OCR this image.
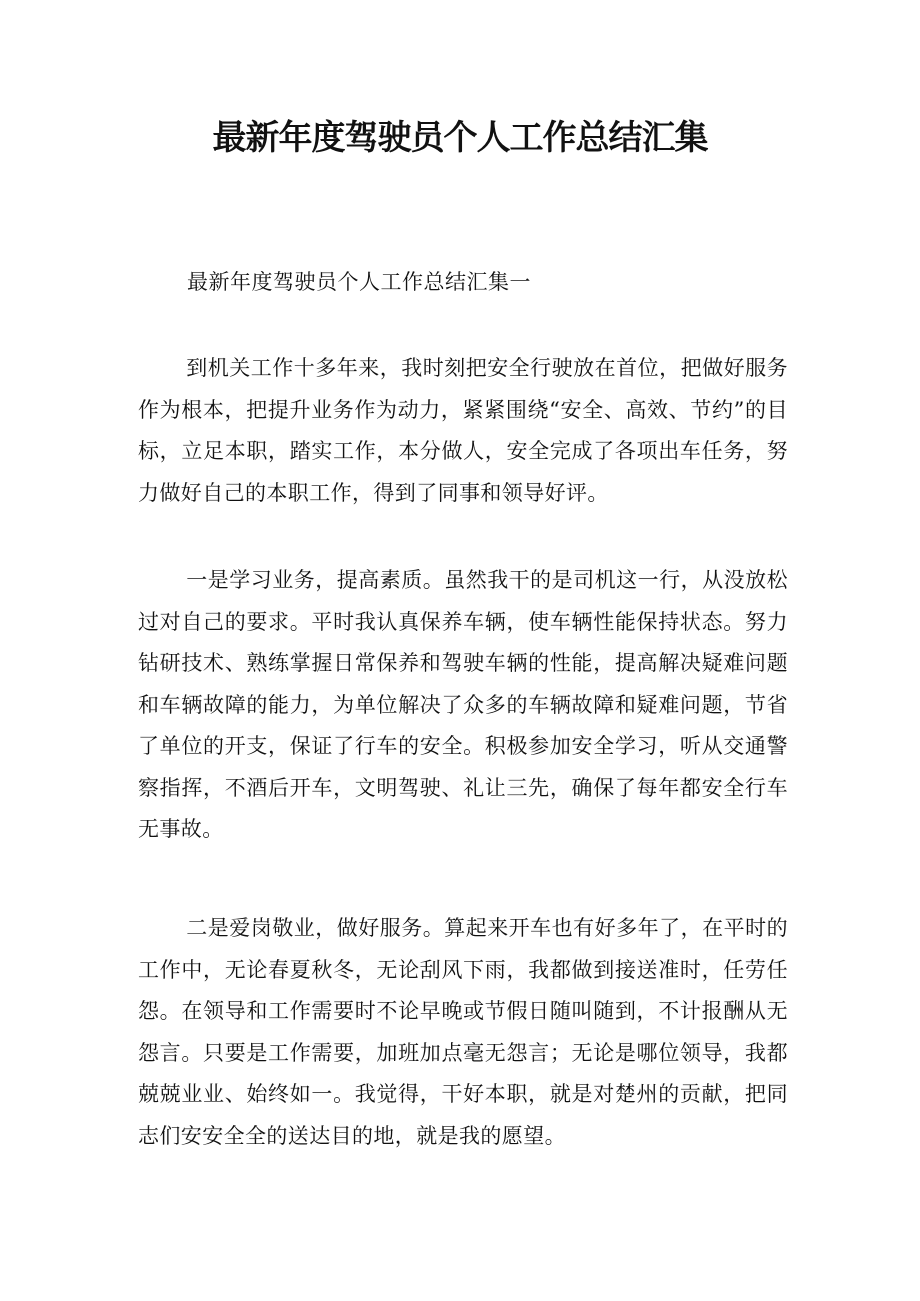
最新年度驾驶员个人工作总结汇集

最新年度驾驶员个人工作总结汇集一

到机关工作十多年来，我时刻把安全行驶放在首位，把做好服务作为根本，把提升业务作为动力，紧紧围绕“安全、高效、节约”的目标，立足本职，踏实工作，本分做人，安全完成了各项出车任务，努力做好自己的本职工作，得到了同事和领导好评。

一是学习业务，提高素质。虽然我干的是司机这一行，从没放松过对自己的要求。平时我认真保养车辆，使车辆性能保持状态。努力钻研技术、熟练掌握日常保养和驾驶车辆的性能，提高解决疑难问题和车辆故障的能力，为单位解决了众多的车辆故障和疑难问题，节省了单位的开支，保证了行车的安全。积极参加安全学习，听从交通警察指挥，不酒后开车，文明驾驶、礼让三先，确保了每年都安全行车无事故。

二是爱岗敬业，做好服务。算起来开车也有好多年了，在平时的工作中，无论春夏秋冬，无论刮风下雨，我都做到接送准时，任劳任怨。在领导和工作需要时不论早晚或节假日随叫随到，不计报酬从无怨言。只要是工作需要，加班加点毫无怨言；无论是哪位领导，我都兢兢业业、始终如一。我觉得，干好本职，就是对楚州的贡献，把同志们安安全全的送达目的地，就是我的愿望。
